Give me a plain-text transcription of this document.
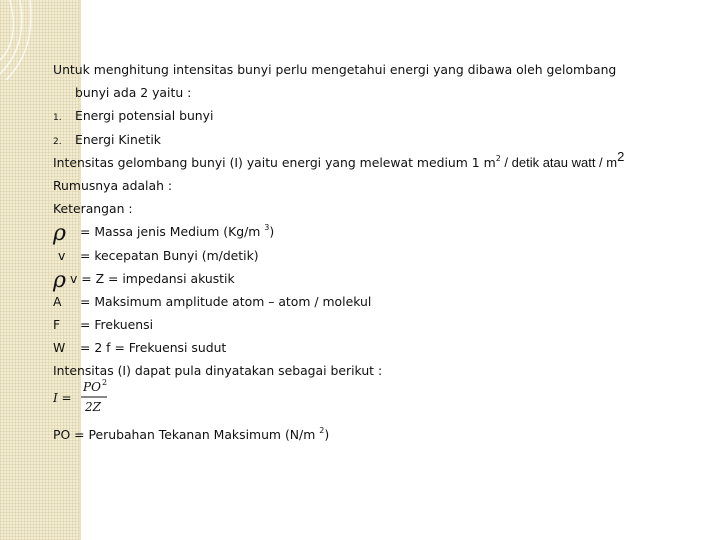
Untuk menghitung intensitas bunyi perlu mengetahui energi yang dibawa oleh gelombang
bunyi ada 2 yaitu :
1. Energi potensial bunyi
2. Energi Kinetik
Intensitas gelombang bunyi (I) yaitu energi yang melewat medium 1 $m^2$ / detik atau watt / $m^2$
Rumusnya adalah :
Keterangan :
ρ = Massa jenis Medium (Kg/m $^3$)
v = kecepatan Bunyi (m/detik)
ρ v = Z = impedansi akustik
A = Maksimum amplitude atom – atom / molekul
F = Frekuensi
W = 2 f = Frekuensi sudut
Intensitas (I) dapat pula dinyatakan sebagai berikut :
I =
PO 2
2Z
PO = Perubahan Tekanan Maksimum (N/m $^2$)
